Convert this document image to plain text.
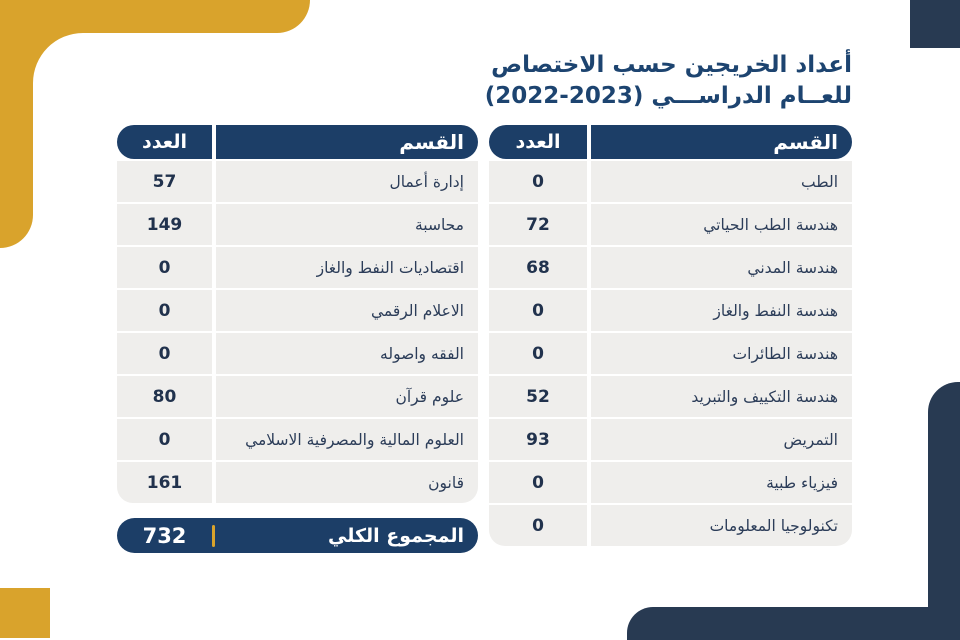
أعداد الخريجين حسب الاختصاص
للعــام الدراســـي (2023-2022)
العدد	القسم
0	الطب
72	هندسة الطب الحياتي
68	هندسة المدني
0	هندسة النفط والغاز
0	هندسة الطائرات
52	هندسة التكييف والتبريد
93	التمريض
0	فيزياء طبية
0	تكنولوجيا المعلومات
العدد	القسم
57	إدارة أعمال
149	محاسبة
0	اقتصاديات النفط والغاز
0	الاعلام الرقمي
0	الفقه واصوله
80	علوم قرآن
0	العلوم المالية والمصرفية الاسلامي
161	قانون
732	المجموع الكلي
